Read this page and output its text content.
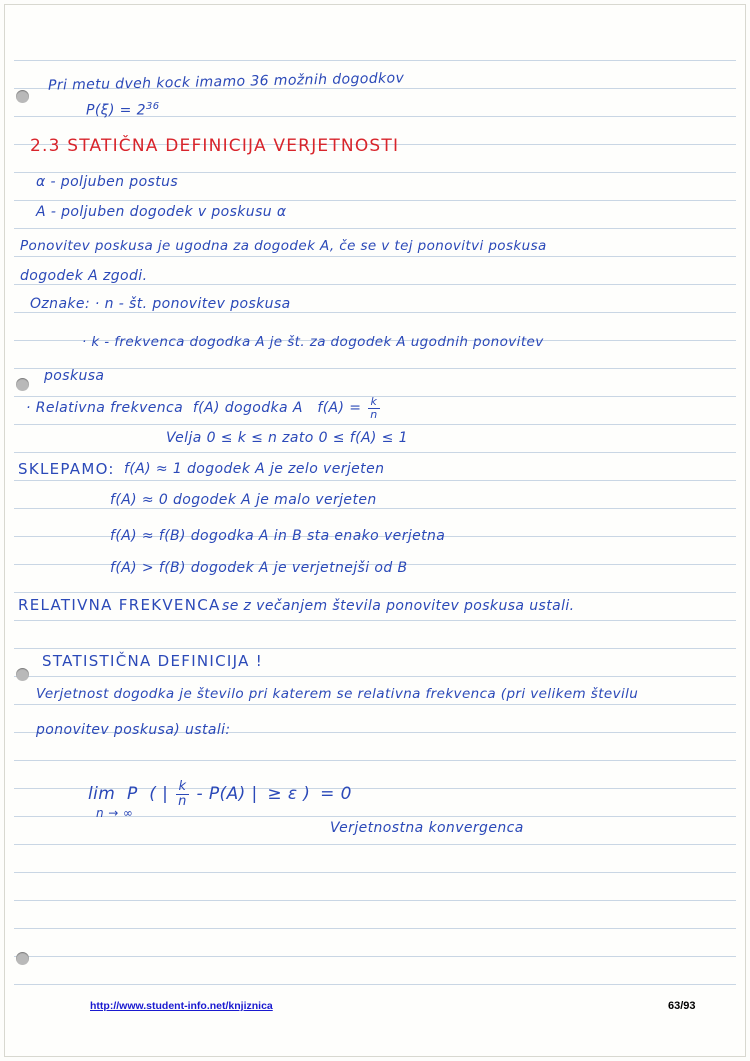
Pri metu dveh kock imamo 36 možnih dogodkov
$P(\xi) = 2^{36}$
2.3 STATIČNA DEFINICIJA VERJETNOSTI
α - poljuben postus
A - poljuben dogodek v poskusu α
Ponovitev poskusa je ugodna za dogodek A, če se v tej ponovitvi poskusa
dogodek A zgodi.
Oznake: · n - št. ponovitev poskusa
· k - frekvenca dogodka A je št. za dogodek A ugodnih ponovitev
poskusa
· Relativna frekvenca  f(A) dogodka A   $f(A) = \frac{k}{n}$
Velja 0 ≤ k ≤ n zato 0 ≤ f(A) ≤ 1
SKLEPAMO: f(A) ≈ 1 dogodek A je zelo verjeten
f(A) ≈ 0 dogodek A je malo verjeten
f(A) ≈ f(B) dogodka A in B sta enako verjetna
f(A) > f(B) dogodek A je verjetnejši od B
RELATIVNA FREKVENCA se z večanjem števila ponovitev poskusa ustali.
STATISTIČNA DEFINICIJA !
Verjetnost dogodka je število pri katerem se relativna frekvenca (pri velikem številu
ponovitev poskusa) ustali:
lim P  ( | $\frac{k}{n} - P(A)$ | ≥ ε ) = 0
n → ∞
Verjetnostna konvergenca
http://www.student-info.net/knjiznica	63/93
